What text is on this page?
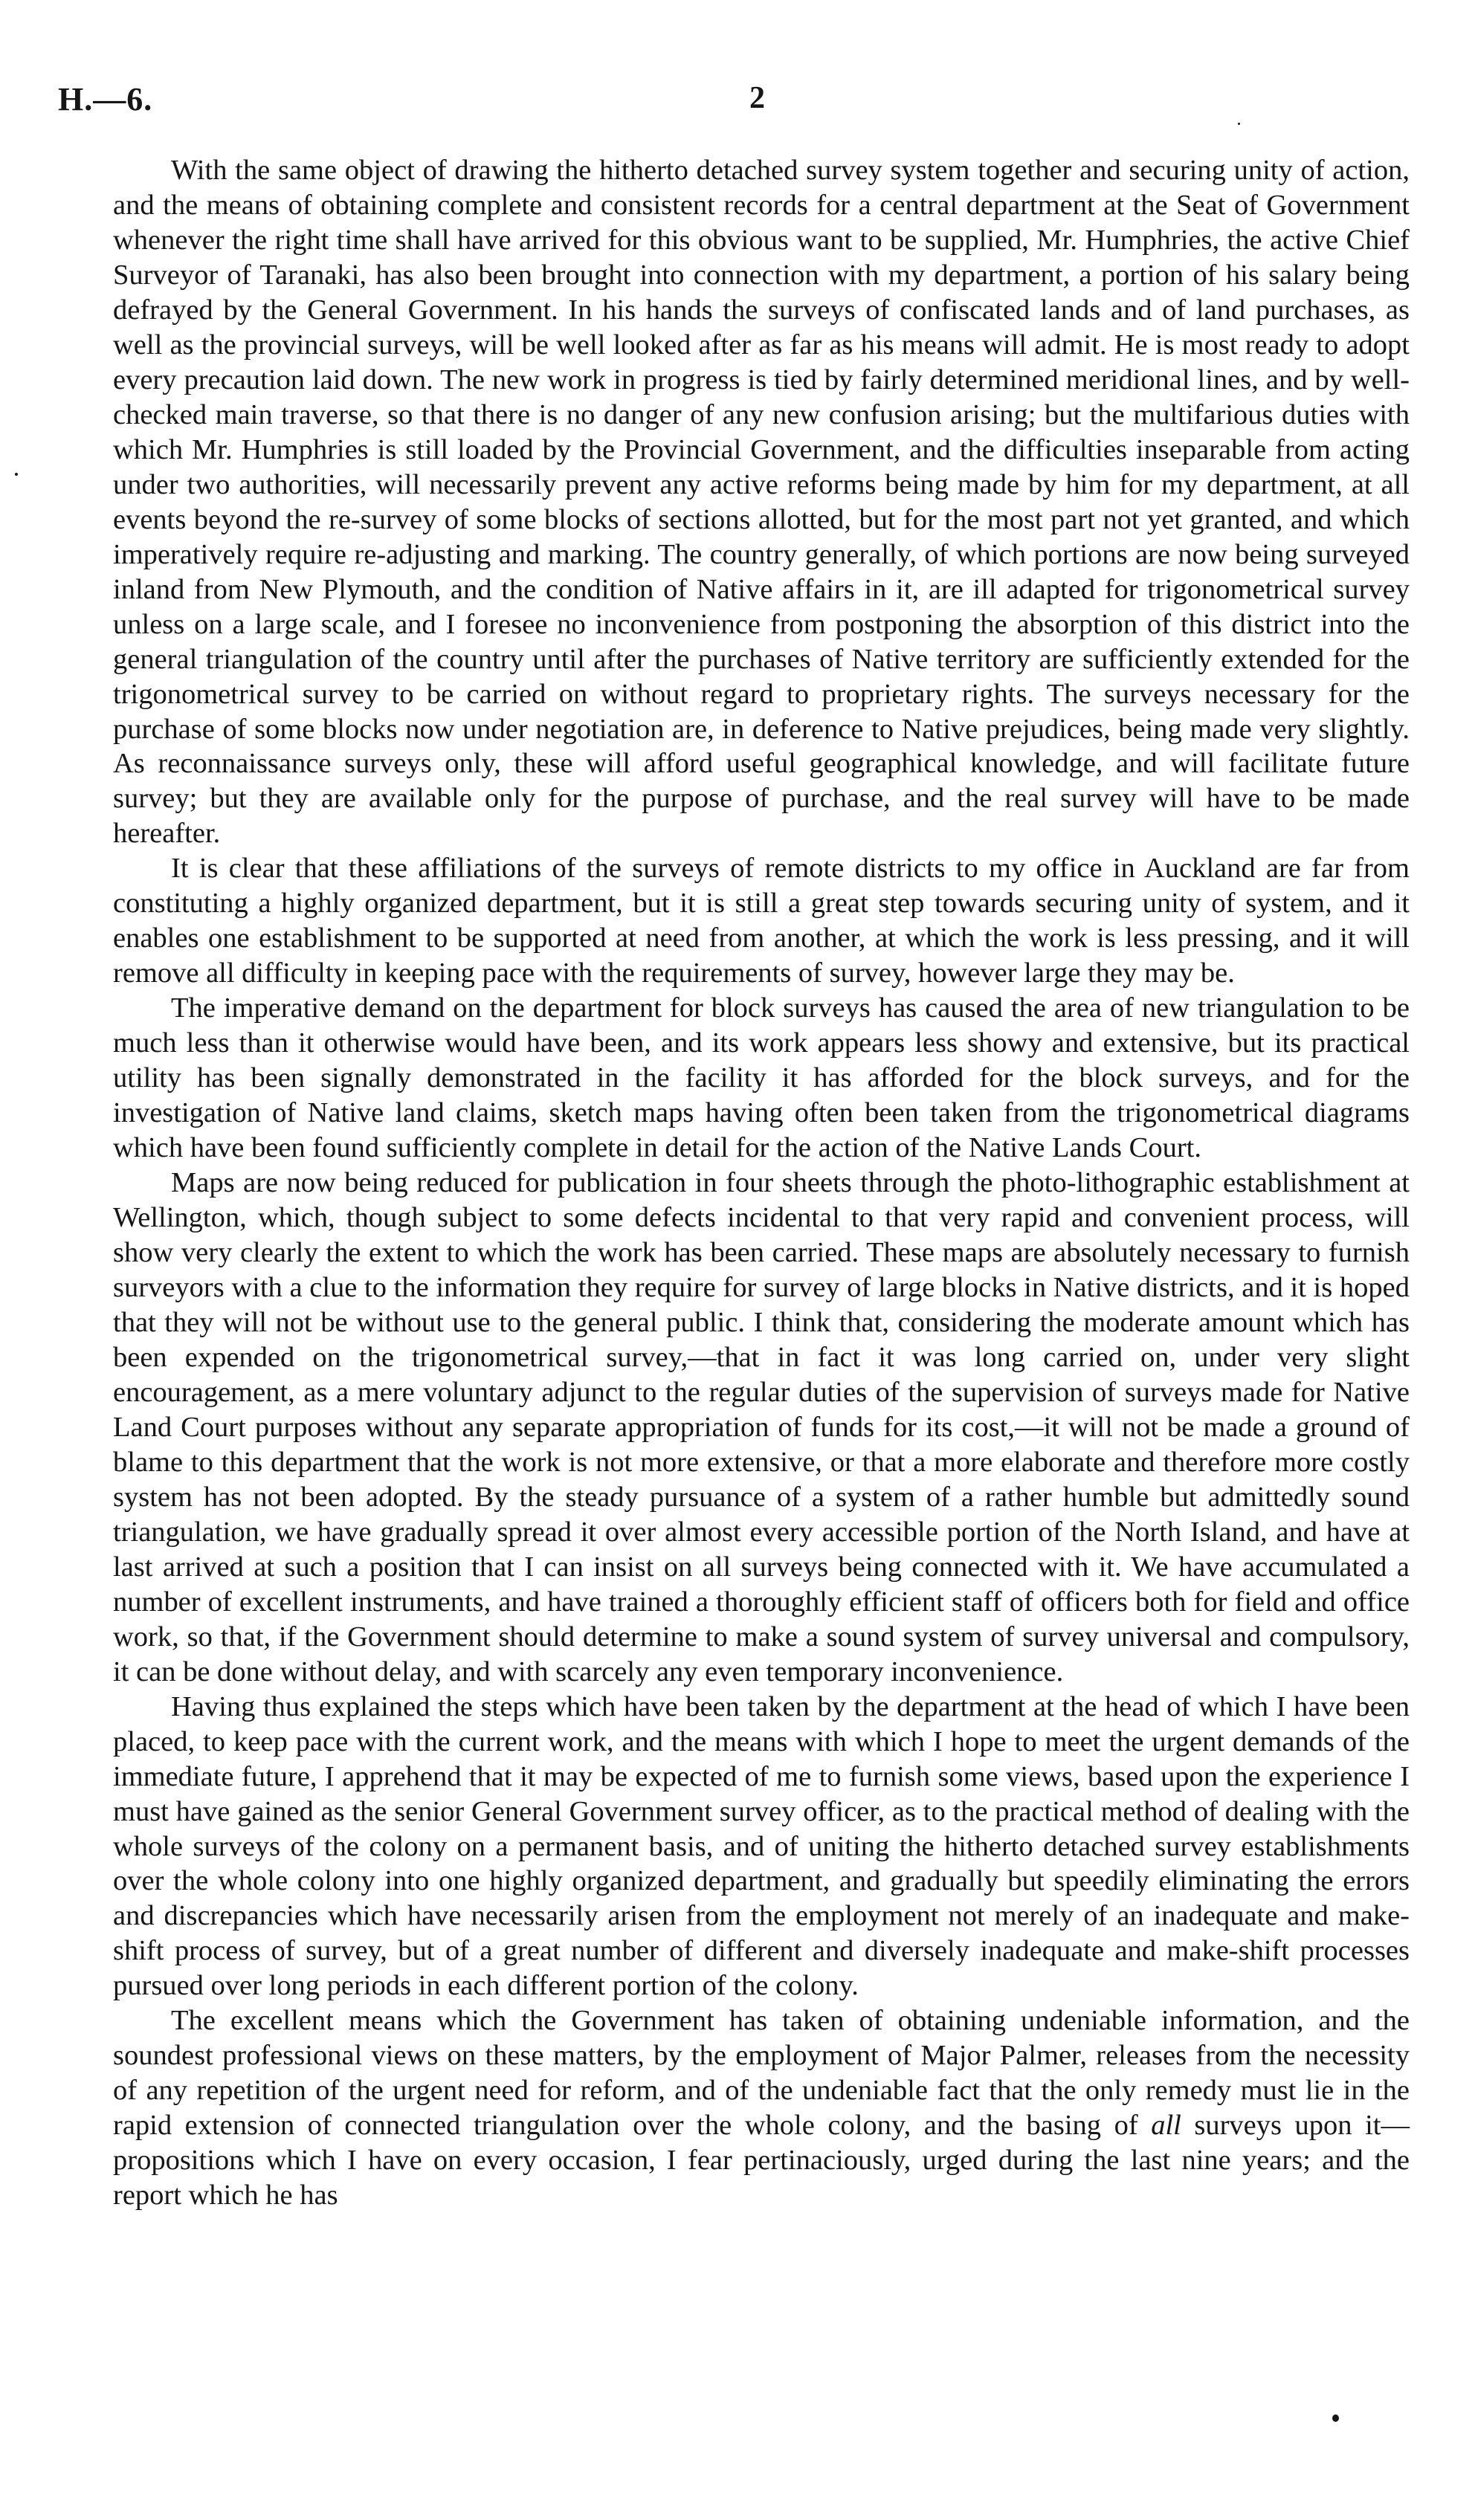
H.—6.	2

With the same object of drawing the hitherto detached survey system together and securing unity of action, and the means of obtaining complete and consistent records for a central department at the Seat of Government whenever the right time shall have arrived for this obvious want to be supplied, Mr. Humphries, the active Chief Surveyor of Taranaki, has also been brought into connection with my department, a portion of his salary being defrayed by the General Government. In his hands the surveys of confiscated lands and of land purchases, as well as the provincial surveys, will be well looked after as far as his means will admit. He is most ready to adopt every precaution laid down. The new work in progress is tied by fairly determined meridional lines, and by well-checked main traverse, so that there is no danger of any new confusion arising; but the multifarious duties with which Mr. Humphries is still loaded by the Provincial Government, and the difficulties inseparable from acting under two authorities, will necessarily prevent any active reforms being made by him for my department, at all events beyond the re-survey of some blocks of sections allotted, but for the most part not yet granted, and which imperatively require re-adjusting and marking. The country generally, of which portions are now being surveyed inland from New Plymouth, and the condition of Native affairs in it, are ill adapted for trigonometrical survey unless on a large scale, and I foresee no inconvenience from postponing the absorption of this district into the general triangulation of the country until after the purchases of Native territory are sufficiently extended for the trigonometrical survey to be carried on without regard to proprietary rights. The surveys necessary for the purchase of some blocks now under negotiation are, in deference to Native prejudices, being made very slightly. As reconnaissance surveys only, these will afford useful geographical knowledge, and will facilitate future survey; but they are available only for the purpose of purchase, and the real survey will have to be made hereafter.

It is clear that these affiliations of the surveys of remote districts to my office in Auckland are far from constituting a highly organized department, but it is still a great step towards securing unity of system, and it enables one establishment to be supported at need from another, at which the work is less pressing, and it will remove all difficulty in keeping pace with the requirements of survey, however large they may be.

The imperative demand on the department for block surveys has caused the area of new triangulation to be much less than it otherwise would have been, and its work appears less showy and extensive, but its practical utility has been signally demonstrated in the facility it has afforded for the block surveys, and for the investigation of Native land claims, sketch maps having often been taken from the trigonometrical diagrams which have been found sufficiently complete in detail for the action of the Native Lands Court.

Maps are now being reduced for publication in four sheets through the photo-lithographic establishment at Wellington, which, though subject to some defects incidental to that very rapid and convenient process, will show very clearly the extent to which the work has been carried. These maps are absolutely necessary to furnish surveyors with a clue to the information they require for survey of large blocks in Native districts, and it is hoped that they will not be without use to the general public. I think that, considering the moderate amount which has been expended on the trigonometrical survey,—that in fact it was long carried on, under very slight encouragement, as a mere voluntary adjunct to the regular duties of the supervision of surveys made for Native Land Court purposes without any separate appropriation of funds for its cost,—it will not be made a ground of blame to this department that the work is not more extensive, or that a more elaborate and therefore more costly system has not been adopted. By the steady pursuance of a system of a rather humble but admittedly sound triangulation, we have gradually spread it over almost every accessible portion of the North Island, and have at last arrived at such a position that I can insist on all surveys being connected with it. We have accumulated a number of excellent instruments, and have trained a thoroughly efficient staff of officers both for field and office work, so that, if the Government should determine to make a sound system of survey universal and compulsory, it can be done without delay, and with scarcely any even temporary inconvenience.

Having thus explained the steps which have been taken by the department at the head of which I have been placed, to keep pace with the current work, and the means with which I hope to meet the urgent demands of the immediate future, I apprehend that it may be expected of me to furnish some views, based upon the experience I must have gained as the senior General Government survey officer, as to the practical method of dealing with the whole surveys of the colony on a permanent basis, and of uniting the hitherto detached survey establishments over the whole colony into one highly organized department, and gradually but speedily eliminating the errors and discrepancies which have necessarily arisen from the employment not merely of an inadequate and make-shift process of survey, but of a great number of different and diversely inadequate and make-shift processes pursued over long periods in each different portion of the colony.

The excellent means which the Government has taken of obtaining undeniable information, and the soundest professional views on these matters, by the employment of Major Palmer, releases from the necessity of any repetition of the urgent need for reform, and of the undeniable fact that the only remedy must lie in the rapid extension of connected triangulation over the whole colony, and the basing of all surveys upon it—propositions which I have on every occasion, I fear pertinaciously, urged during the last nine years; and the report which he has
